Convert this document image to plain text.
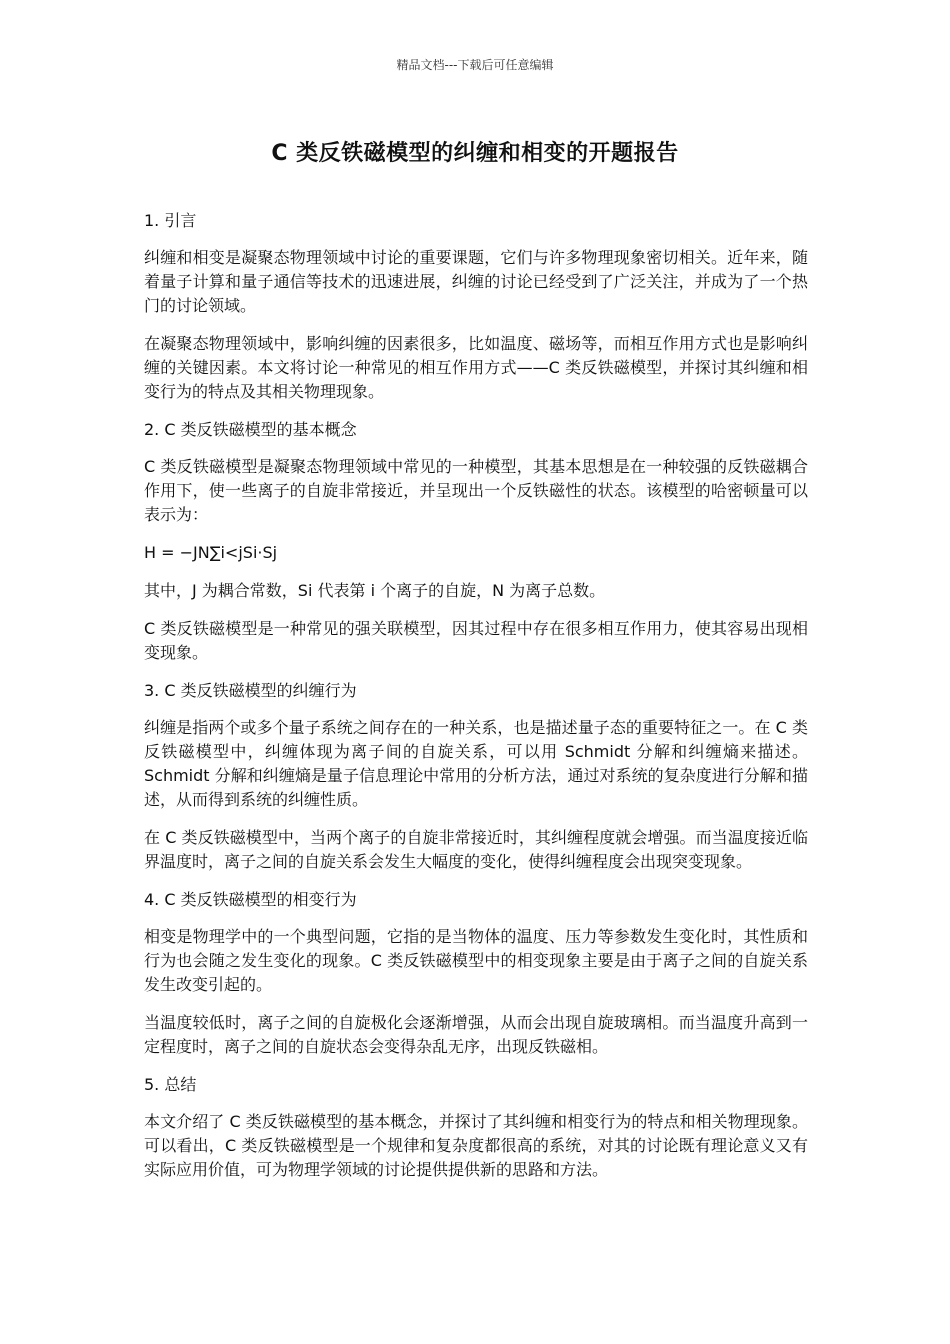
精品文档---下载后可任意编辑
C 类反铁磁模型的纠缠和相变的开题报告
1. 引言
纠缠和相变是凝聚态物理领域中讨论的重要课题，它们与许多物理现象密切相关。近年来，随着量子计算和量子通信等技术的迅速进展，纠缠的讨论已经受到了广泛关注，并成为了一个热门的讨论领域。
在凝聚态物理领域中，影响纠缠的因素很多，比如温度、磁场等，而相互作用方式也是影响纠缠的关键因素。本文将讨论一种常见的相互作用方式——C 类反铁磁模型，并探讨其纠缠和相变行为的特点及其相关物理现象。
2. C 类反铁磁模型的基本概念
C 类反铁磁模型是凝聚态物理领域中常见的一种模型，其基本思想是在一种较强的反铁磁耦合作用下，使一些离子的自旋非常接近，并呈现出一个反铁磁性的状态。该模型的哈密顿量可以表示为：
H = −JN∑i<jSi·Sj
其中，J 为耦合常数，Si 代表第 i 个离子的自旋，N 为离子总数。
C 类反铁磁模型是一种常见的强关联模型，因其过程中存在很多相互作用力，使其容易出现相变现象。
3. C 类反铁磁模型的纠缠行为
纠缠是指两个或多个量子系统之间存在的一种关系，也是描述量子态的重要特征之一。在 C 类反铁磁模型中，纠缠体现为离子间的自旋关系，可以用 Schmidt 分解和纠缠熵来描述。Schmidt 分解和纠缠熵是量子信息理论中常用的分析方法，通过对系统的复杂度进行分解和描述，从而得到系统的纠缠性质。
在 C 类反铁磁模型中，当两个离子的自旋非常接近时，其纠缠程度就会增强。而当温度接近临界温度时，离子之间的自旋关系会发生大幅度的变化，使得纠缠程度会出现突变现象。
4. C 类反铁磁模型的相变行为
相变是物理学中的一个典型问题，它指的是当物体的温度、压力等参数发生变化时，其性质和行为也会随之发生变化的现象。C 类反铁磁模型中的相变现象主要是由于离子之间的自旋关系发生改变引起的。
当温度较低时，离子之间的自旋极化会逐渐增强，从而会出现自旋玻璃相。而当温度升高到一定程度时，离子之间的自旋状态会变得杂乱无序，出现反铁磁相。
5. 总结
本文介绍了 C 类反铁磁模型的基本概念，并探讨了其纠缠和相变行为的特点和相关物理现象。可以看出，C 类反铁磁模型是一个规律和复杂度都很高的系统，对其的讨论既有理论意义又有实际应用价值，可为物理学领域的讨论提供提供新的思路和方法。
